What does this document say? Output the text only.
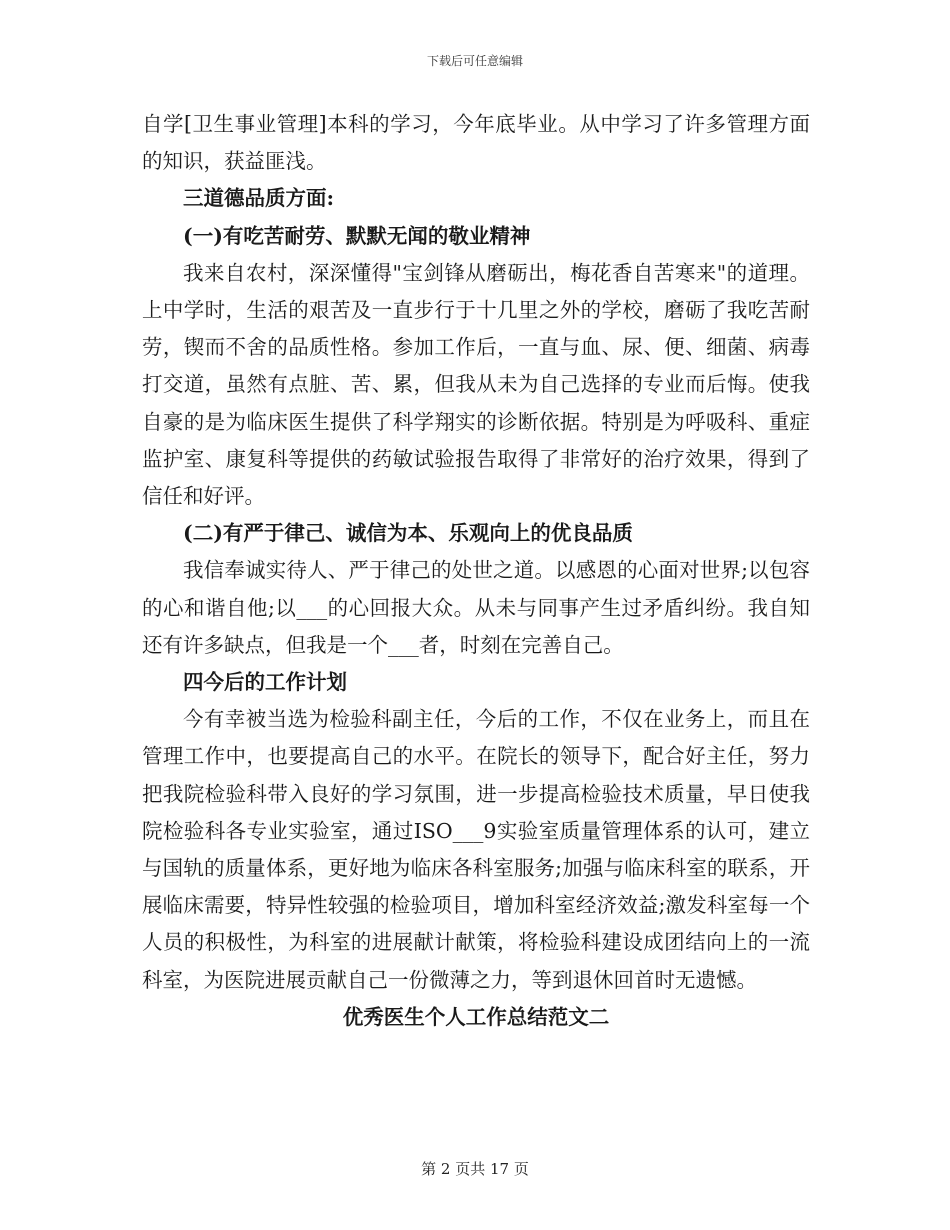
下载后可任意编辑

自学[卫生事业管理]本科的学习，今年底毕业。从中学习了许多管理方面的知识，获益匪浅。

三道德品质方面:

(一)有吃苦耐劳、默默无闻的敬业精神

我来自农村，深深懂得"宝剑锋从磨砺出，梅花香自苦寒来"的道理。上中学时，生活的艰苦及一直步行于十几里之外的学校，磨砺了我吃苦耐劳，锲而不舍的品质性格。参加工作后，一直与血、尿、便、细菌、病毒打交道，虽然有点脏、苦、累，但我从未为自己选择的专业而后悔。使我自豪的是为临床医生提供了科学翔实的诊断依据。特别是为呼吸科、重症监护室、康复科等提供的药敏试验报告取得了非常好的治疗效果，得到了信任和好评。

(二)有严于律己、诚信为本、乐观向上的优良品质

我信奉诚实待人、严于律己的处世之道。以感恩的心面对世界;以包容的心和谐自他;以___的心回报大众。从未与同事产生过矛盾纠纷。我自知还有许多缺点，但我是一个___者，时刻在完善自己。

四今后的工作计划

今有幸被当选为检验科副主任，今后的工作，不仅在业务上，而且在管理工作中，也要提高自己的水平。在院长的领导下，配合好主任，努力把我院检验科带入良好的学习氛围，进一步提高检验技术质量，早日使我院检验科各专业实验室，通过ISO___9实验室质量管理体系的认可，建立与国轨的质量体系，更好地为临床各科室服务;加强与临床科室的联系，开展临床需要，特异性较强的检验项目，增加科室经济效益;激发科室每一个人员的积极性，为科室的进展献计献策，将检验科建设成团结向上的一流科室，为医院进展贡献自己一份微薄之力，等到退休回首时无遗憾。

优秀医生个人工作总结范文二

第 2 页共 17 页
